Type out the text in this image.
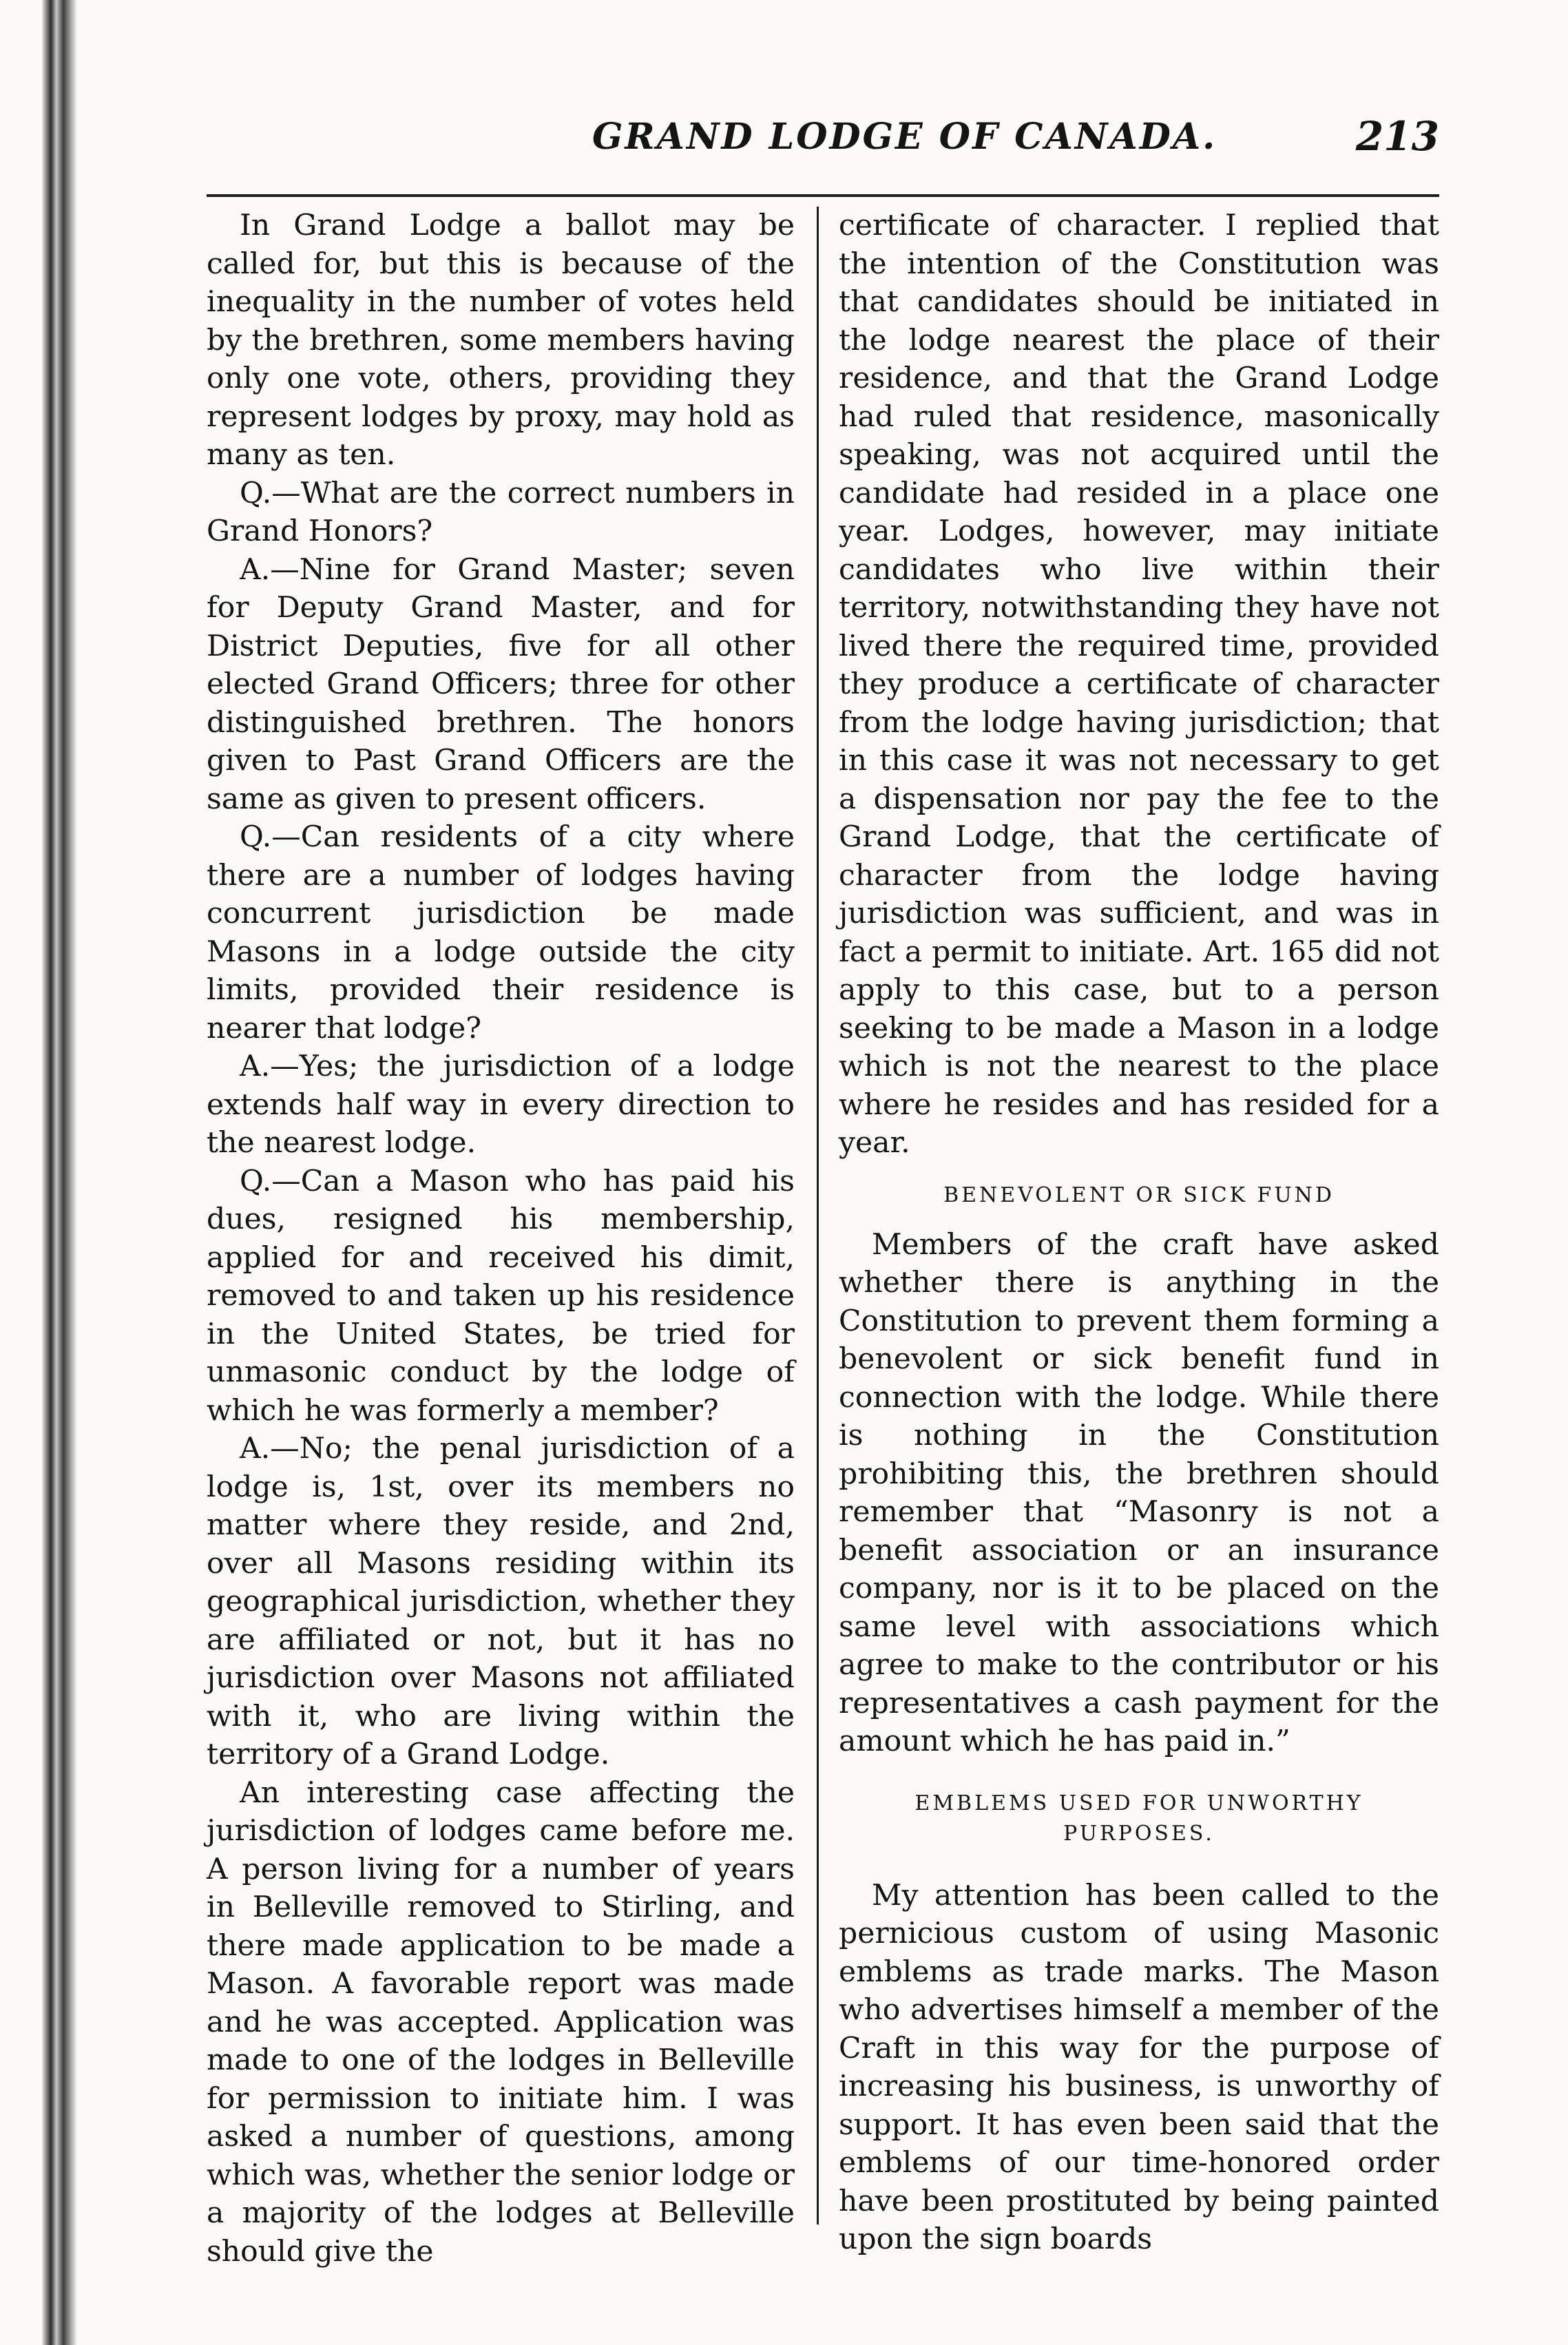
GRAND LODGE OF CANADA.	213

In Grand Lodge a ballot may be called for, but this is because of the inequality in the number of votes held by the brethren, some members having only one vote, others, providing they represent lodges by proxy, may hold as many as ten.

Q.—What are the correct numbers in Grand Honors?

A.—Nine for Grand Master; seven for Deputy Grand Master, and for District Deputies, five for all other elected Grand Officers; three for other distinguished brethren. The honors given to Past Grand Officers are the same as given to present officers.

Q.—Can residents of a city where there are a number of lodges having concurrent jurisdiction be made Masons in a lodge outside the city limits, provided their residence is nearer that lodge?

A.—Yes; the jurisdiction of a lodge extends half way in every direction to the nearest lodge.

Q.—Can a Mason who has paid his dues, resigned his membership, applied for and received his dimit, removed to and taken up his residence in the United States, be tried for unmasonic conduct by the lodge of which he was formerly a member?

A.—No; the penal jurisdiction of a lodge is, 1st, over its members no matter where they reside, and 2nd, over all Masons residing within its geographical jurisdiction, whether they are affiliated or not, but it has no jurisdiction over Masons not affiliated with it, who are living within the territory of a Grand Lodge.

An interesting case affecting the jurisdiction of lodges came before me. A person living for a number of years in Belleville removed to Stirling, and there made application to be made a Mason. A favorable report was made and he was accepted. Application was made to one of the lodges in Belleville for permission to initiate him. I was asked a number of questions, among which was, whether the senior lodge or a majority of the lodges at Belleville should give the

certificate of character. I replied that the intention of the Constitution was that candidates should be initiated in the lodge nearest the place of their residence, and that the Grand Lodge had ruled that residence, masonically speaking, was not acquired until the candidate had resided in a place one year. Lodges, however, may initiate candidates who live within their territory, notwithstanding they have not lived there the required time, provided they produce a certificate of character from the lodge having jurisdiction; that in this case it was not necessary to get a dispensation nor pay the fee to the Grand Lodge, that the certificate of character from the lodge having jurisdiction was sufficient, and was in fact a permit to initiate. Art. 165 did not apply to this case, but to a person seeking to be made a Mason in a lodge which is not the nearest to the place where he resides and has resided for a year.

BENEVOLENT OR SICK FUND

Members of the craft have asked whether there is anything in the Constitution to prevent them forming a benevolent or sick benefit fund in connection with the lodge. While there is nothing in the Constitution prohibiting this, the brethren should remember that “Masonry is not a benefit association or an insurance company, nor is it to be placed on the same level with associations which agree to make to the contributor or his representatives a cash payment for the amount which he has paid in.”

EMBLEMS USED FOR UNWORTHY PURPOSES.

My attention has been called to the pernicious custom of using Masonic emblems as trade marks. The Mason who advertises himself a member of the Craft in this way for the purpose of increasing his business, is unworthy of support. It has even been said that the emblems of our time-honored order have been prostituted by being painted upon the sign boards
